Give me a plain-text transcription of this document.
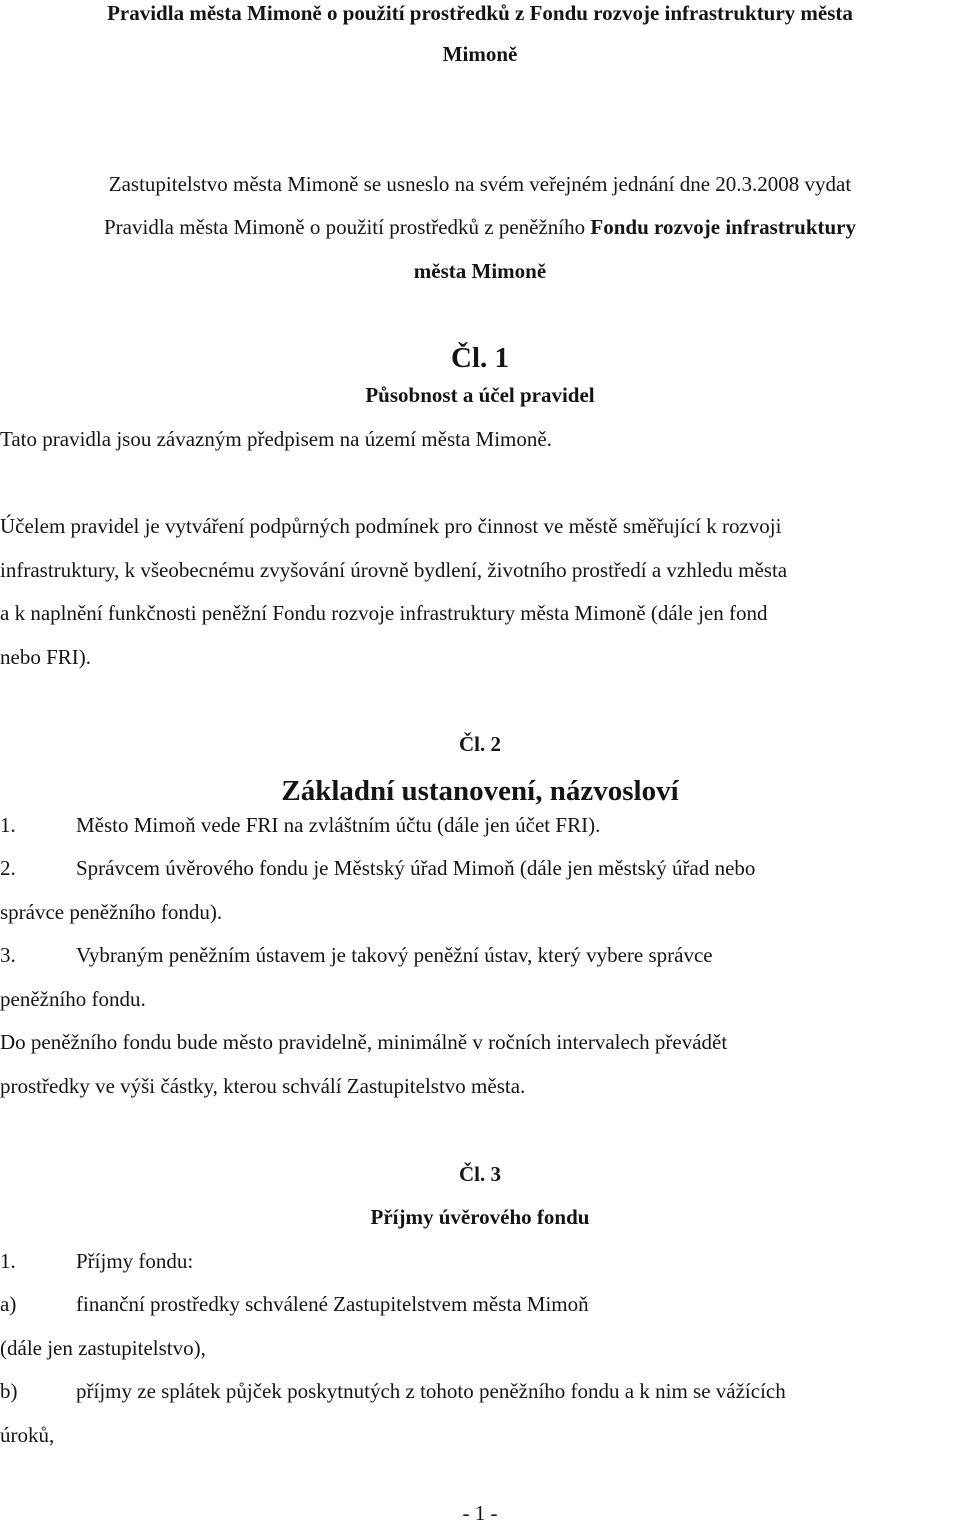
Pravidla města Mimoně o použití prostředků z Fondu rozvoje infrastruktury města
Mimoně
Zastupitelstvo města Mimoně se usneslo na svém veřejném jednání dne 20.3.2008 vydat
Pravidla města Mimoně o použití prostředků z peněžního Fondu rozvoje infrastruktury
města Mimoně
Čl. 1
Působnost a účel pravidel
Tato pravidla jsou závazným předpisem na území města Mimoně.
Účelem pravidel je vytváření podpůrných podmínek pro činnost ve městě směřující k rozvoji
infrastruktury, k všeobecnému zvyšování úrovně bydlení, životního prostředí a vzhledu města
a k naplnění funkčnosti peněžní Fondu rozvoje infrastruktury města Mimoně (dále jen fond
nebo FRI).
Čl. 2
Základní ustanovení, názvosloví
1.	Město Mimoň vede FRI na zvláštním účtu (dále jen účet FRI).
2.	Správcem úvěrového fondu je Městský úřad Mimoň (dále jen městský úřad nebo
správce peněžního fondu).
3.	Vybraným peněžním ústavem je takový peněžní ústav, který vybere správce
peněžního fondu.
Do peněžního fondu bude město pravidelně, minimálně v ročních intervalech převádět
prostředky ve výši částky, kterou schválí Zastupitelstvo města.
Čl. 3
Příjmy úvěrového fondu
1.	Příjmy fondu:
a)	finanční prostředky schválené Zastupitelstvem města Mimoň
(dále jen zastupitelstvo),
b)	příjmy ze splátek půjček poskytnutých z tohoto peněžního fondu a k nim se vážících
úroků,
- 1 -
